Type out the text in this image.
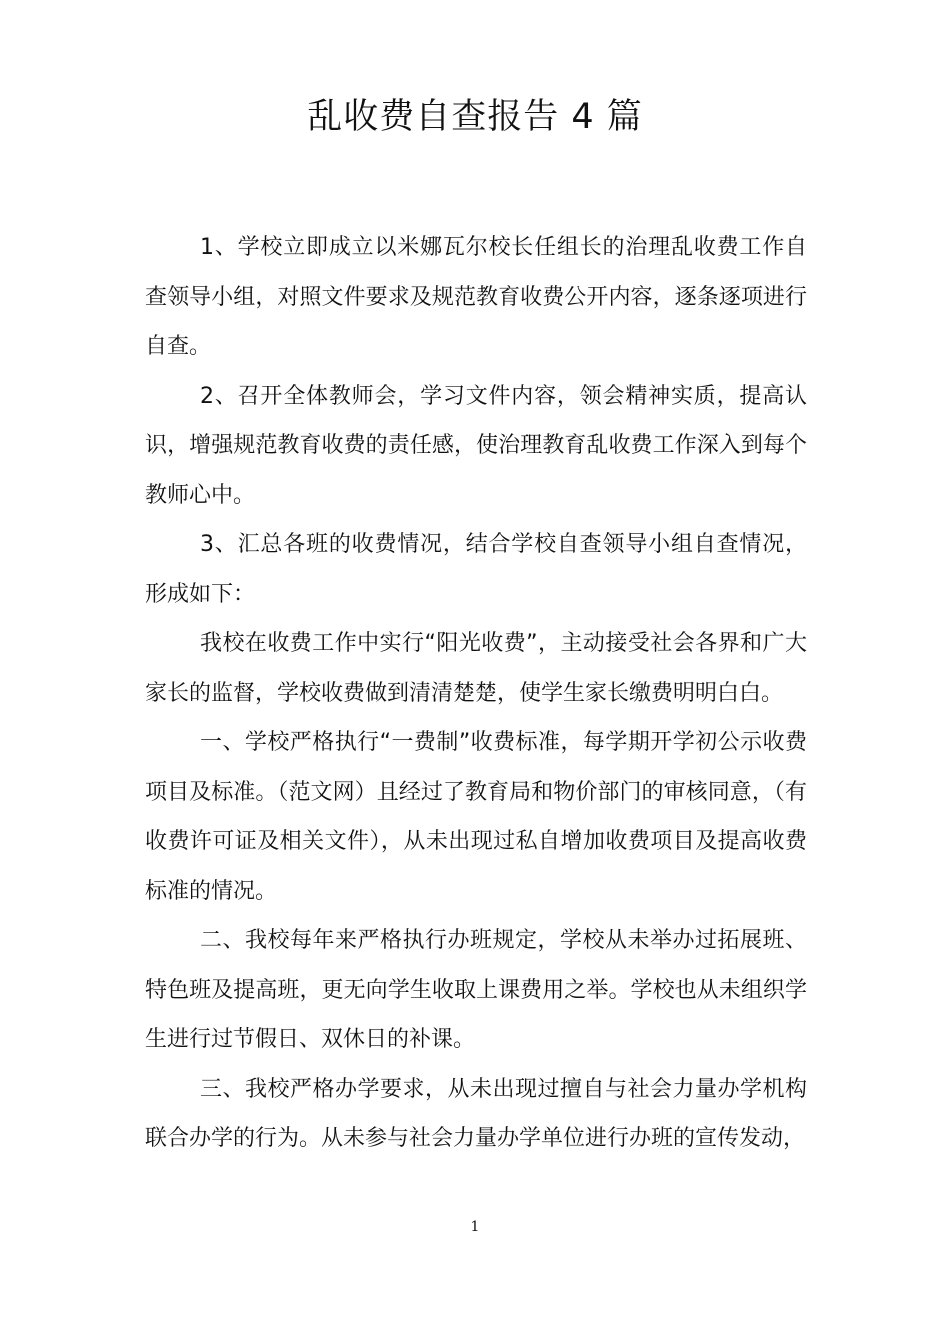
乱收费自查报告 4 篇

1、学校立即成立以米娜瓦尔校长任组长的治理乱收费工作自查领导小组，对照文件要求及规范教育收费公开内容，逐条逐项进行自查。

2、召开全体教师会，学习文件内容，领会精神实质，提高认识，增强规范教育收费的责任感，使治理教育乱收费工作深入到每个教师心中。

3、汇总各班的收费情况，结合学校自查领导小组自查情况，形成如下：

我校在收费工作中实行“阳光收费”，主动接受社会各界和广大家长的监督，学校收费做到清清楚楚，使学生家长缴费明明白白。

一、学校严格执行“一费制”收费标准，每学期开学初公示收费项目及标准。（范文网）且经过了教育局和物价部门的审核同意，（有收费许可证及相关文件），从未出现过私自增加收费项目及提高收费标准的情况。

二、我校每年来严格执行办班规定，学校从未举办过拓展班、特色班及提高班，更无向学生收取上课费用之举。学校也从未组织学生进行过节假日、双休日的补课。

三、我校严格办学要求，从未出现过擅自与社会力量办学机构联合办学的行为。从未参与社会力量办学单位进行办班的宣传发动，

1
